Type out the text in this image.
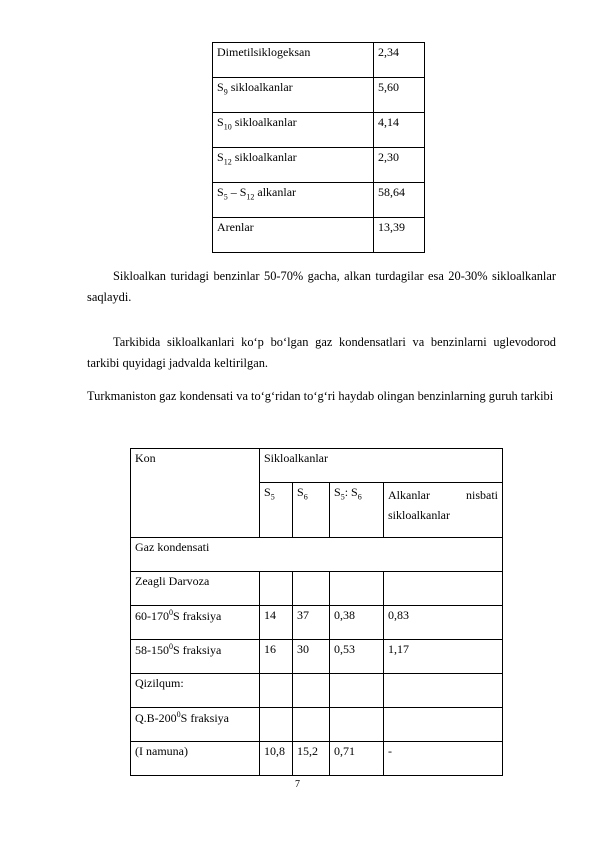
Dimetilsiklogeksan	2,34
$S_9$ sikloalkanlar	5,60
$S_{10}$ sikloalkanlar	4,14
$S_{12}$ sikloalkanlar	2,30
$S_5 - S_{12}$ alkanlar	58,64
Arenlar	13,39

Sikloalkan turidagi benzinlar 50-70% gacha, alkan turdagilar esa 20-30% sikloalkanlar saqlaydi.

Tarkibida sikloalkanlari ko‘p bo‘lgan gaz kondensatlari va benzinlarni uglevodorod tarkibi quyidagi jadvalda keltirilgan.

Turkmaniston gaz kondensati va to‘g‘ridan to‘g‘ri haydab olingan benzinlarning guruh tarkibi

Kon	Sikloalkanlar			
	$S_5$	$S_6$	$S_5$: $S_6$	Alkanlar nisbati
sikloalkanlar

Gaz kondensati				
Zeagli Darvoza				
$60-170^0S$ fraksiya	14	37	0,38	0,83
$58-150^0S$ fraksiya	16	30	0,53	1,17
Qizilqum:				
$Q.B-200^0S$ fraksiya				
(I namuna)	10,8	15,2	0,71	-
7
